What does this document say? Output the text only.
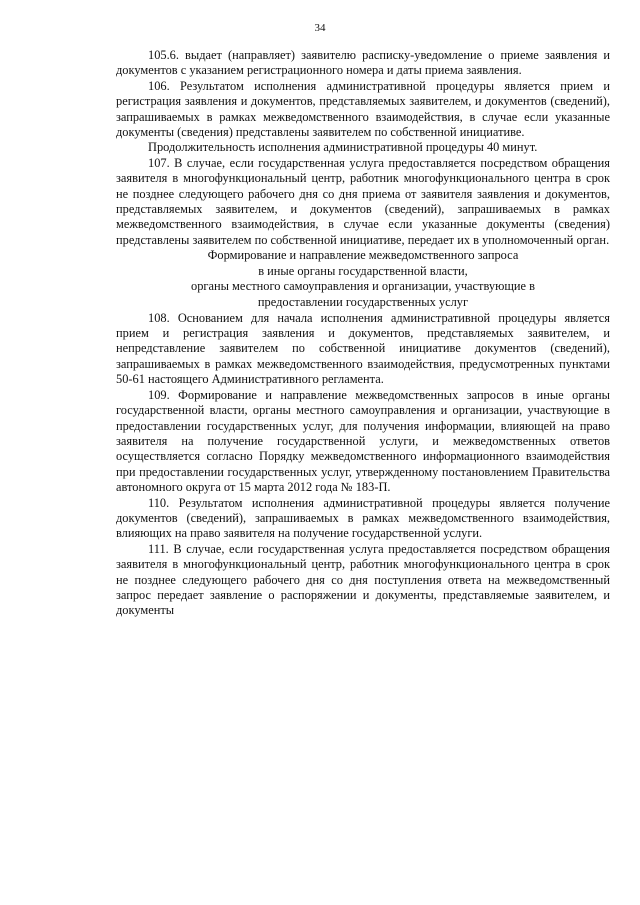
34

105.6. выдает (направляет) заявителю расписку-уведомление о приеме заявления и документов с указанием регистрационного номера и даты приема заявления.

106. Результатом исполнения административной процедуры является прием и регистрация заявления и документов, представляемых заявителем, и документов (сведений), запрашиваемых в рамках межведомственного взаимодействия, в случае если указанные документы (сведения) представлены заявителем по собственной инициативе.

Продолжительность исполнения административной процедуры 40 минут.

107. В случае, если государственная услуга предоставляется посредством обращения заявителя в многофункциональный центр, работник многофункционального центра в срок не позднее следующего рабочего дня со дня приема от заявителя заявления и документов, представляемых заявителем, и документов (сведений), запрашиваемых в рамках межведомственного взаимодействия, в случае если указанные документы (сведения) представлены заявителем по собственной инициативе, передает их в уполномоченный орган.

Формирование и направление межведомственного запроса
в иные органы государственной власти,
органы местного самоуправления и организации, участвующие в
предоставлении государственных услуг

108. Основанием для начала исполнения административной процедуры является прием и регистрация заявления и документов, представляемых заявителем, и непредставление заявителем по собственной инициативе документов (сведений), запрашиваемых в рамках межведомственного взаимодействия, предусмотренных пунктами 50-61 настоящего Административного регламента.

109. Формирование и направление межведомственных запросов в иные органы государственной власти, органы местного самоуправления и организации, участвующие в предоставлении государственных услуг, для получения информации, влияющей на право заявителя на получение государственной услуги, и межведомственных ответов осуществляется согласно Порядку межведомственного информационного взаимодействия при предоставлении государственных услуг, утвержденному постановлением Правительства автономного округа от 15 марта 2012 года № 183-П.

110. Результатом исполнения административной процедуры является получение документов (сведений), запрашиваемых в рамках межведомственного взаимодействия, влияющих на право заявителя на получение государственной услуги.

111. В случае, если государственная услуга предоставляется посредством обращения заявителя в многофункциональный центр, работник многофункционального центра в срок не позднее следующего рабочего дня со дня поступления ответа на межведомственный запрос передает заявление о распоряжении и документы, представляемые заявителем, и документы
